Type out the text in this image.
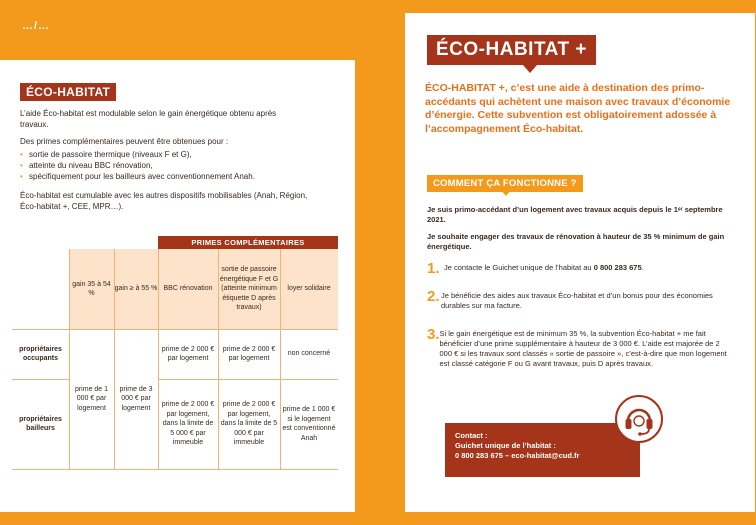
…/…
ÉCO-HABITAT
L’aide Éco-habitat est modulable selon le gain énergétique obtenu après travaux.
Des primes complémentaires peuvent être obtenues pour :
• sortie de passoire thermique (niveaux F et G),
• atteinte du niveau BBC rénovation,
• spécifiquement pour les bailleurs avec conventionnement Anah.
Éco-habitat est cumulable avec les autres dispositifs mobilisables (Anah, Région, Éco-habitat +, CEE, MPR…).
PRIMES COMPLÉMENTAIRES
gain 35 à 54 %
gain ≥ à 55 % BBC rénovation
sortie de passoire énergétique F et G (atteinte minimum étiquette D après travaux)
loyer solidaire
propriétaires occupants
propriétaires bailleurs
prime de 1 000 € par logement
prime de 3 000 € par logement
prime de 2 000 € par logement
prime de 2 000 € par logement
non concerné
prime de 2 000 € par logement, dans la limite de 5 000 € par immeuble
prime de 2 000 € par logement, dans la limite de 5 000 € par immeuble
prime de 1 000 € si le logement est conventionné Anah
ÉCO-HABITAT +
ÉCO-HABITAT +, c’est une aide à destination des primo-accédants qui achètent une maison avec travaux d’économie d’énergie. Cette subvention est obligatoirement adossée à l’accompagnement Éco-habitat.
COMMENT ÇA FONCTIONNE ?
Je suis primo-accédant d’un logement avec travaux acquis depuis le 1ᵉʳ septembre 2021.
Je souhaite engager des travaux de rénovation à hauteur de 35 % minimum de gain énergétique.
1. Je contacte le Guichet unique de l’habitat au 0 800 283 675.
2. Je bénéficie des aides aux travaux Éco-habitat et d’un bonus pour des économies durables sur ma facture.
3. Si le gain énergétique est de minimum 35 %, la subvention Éco-habitat + me fait bénéficier d’une prime supplémentaire à hauteur de 3 000 €. L’aide est majorée de 2 000 € si les travaux sont classés « sortie de passoire », c’est-à-dire que mon logement est classé catégorie F ou G avant travaux, puis D après travaux.
Contact :
Guichet unique de l’habitat :
0 800 283 675 – eco-habitat@cud.fr
